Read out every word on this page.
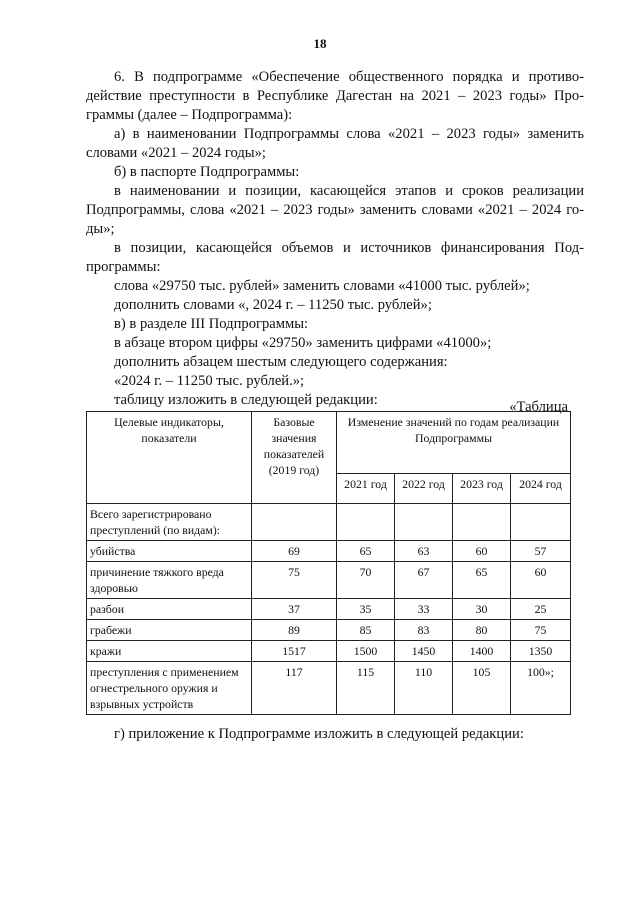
18
6. В подпрограмме «Обеспечение общественного порядка и противо-
действие преступности в Республике Дагестан на 2021 – 2023 годы» Про-
граммы (далее – Подпрограмма):
а) в наименовании Подпрограммы слова «2021 – 2023 годы» заменить
словами «2021 – 2024 годы»;
б) в паспорте Подпрограммы:
в наименовании и позиции, касающейся этапов и сроков реализации
Подпрограммы, слова «2021 – 2023 годы» заменить словами «2021 – 2024 го-
ды»;
в позиции, касающейся объемов и источников финансирования Под-
программы:
слова «29750 тыс. рублей» заменить словами «41000 тыс. рублей»;
дополнить словами «, 2024 г. – 11250 тыс. рублей»;
в) в разделе III Подпрограммы:
в абзаце втором цифры «29750» заменить цифрами «41000»;
дополнить абзацем шестым следующего содержания:
«2024 г. – 11250 тыс. рублей.»;
таблицу изложить в следующей редакции:	«Таблица
Целевые индикаторы, показатели	Базовые значения показателей (2019 год)	Изменение значений по годам реализации Подпрограммы			
		2021 год	2022 год	2023 год	2024 год
Всего зарегистрировано преступлений (по видам):					
убийства	69	65	63	60	57
причинение тяжкого вреда здоровью	75	70	67	65	60
разбои	37	35	33	30	25
грабежи	89	85	83	80	75
кражи	1517	1500	1450	1400	1350
преступления с применением огнестрельного оружия и взрывных устройств	117	115	110	105	100»;
г) приложение к Подпрограмме изложить в следующей редакции:
